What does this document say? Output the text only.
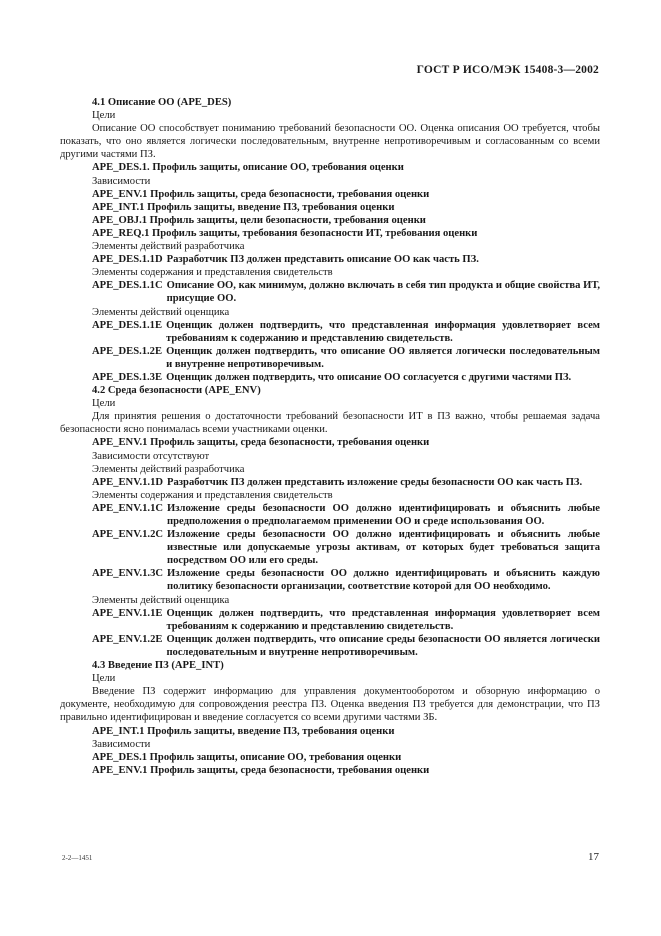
ГОСТ Р ИСО/МЭК 15408-3—2002

4.1 Описание ОО (APE_DES)

Цели

Описание ОО способствует пониманию требований безопасности ОО. Оценка описания ОО требуется, чтобы показать, что оно является логически последовательным, внутренне непротиворечивым и согласованным со всеми другими частями ПЗ.

APE_DES.1. Профиль защиты, описание ОО, требования оценки

Зависимости

APE_ENV.1 Профиль защиты, среда безопасности, требования оценки

APE_INT.1 Профиль защиты, введение ПЗ, требования оценки

APE_OBJ.1 Профиль защиты, цели безопасности, требования оценки

APE_REQ.1 Профиль защиты, требования безопасности ИТ, требования оценки

Элементы действий разработчика

APE_DES.1.1D Разработчик ПЗ должен представить описание ОО как часть ПЗ.

Элементы содержания и представления свидетельств

APE_DES.1.1C Описание ОО, как минимум, должно включать в себя тип продукта и общие свойства ИТ, присущие ОО.

Элементы действий оценщика

APE_DES.1.1E Оценщик должен подтвердить, что представленная информация удовлетворяет всем требованиям к содержанию и представлению свидетельств.
APE_DES.1.2E Оценщик должен подтвердить, что описание ОО является логически последовательным и внутренне непротиворечивым.
APE_DES.1.3E Оценщик должен подтвердить, что описание ОО согласуется с другими частями ПЗ.

4.2 Среда безопасности (APE_ENV)

Цели

Для принятия решения о достаточности требований безопасности ИТ в ПЗ важно, чтобы решаемая задача безопасности ясно понималась всеми участниками оценки.

APE_ENV.1 Профиль защиты, среда безопасности, требования оценки

Зависимости отсутствуют

Элементы действий разработчика

APE_ENV.1.1D Разработчик ПЗ должен представить изложение среды безопасности ОО как часть ПЗ.

Элементы содержания и представления свидетельств

APE_ENV.1.1C Изложение среды безопасности ОО должно идентифицировать и объяснить любые предположения о предполагаемом применении ОО и среде использования ОО.
APE_ENV.1.2C Изложение среды безопасности ОО должно идентифицировать и объяснить любые известные или допускаемые угрозы активам, от которых будет требоваться защита посредством ОО или его среды.
APE_ENV.1.3C Изложение среды безопасности ОО должно идентифицировать и объяснить каждую политику безопасности организации, соответствие которой для ОО необходимо.

Элементы действий оценщика

APE_ENV.1.1E Оценщик должен подтвердить, что представленная информация удовлетворяет всем требованиям к содержанию и представлению свидетельств.
APE_ENV.1.2E Оценщик должен подтвердить, что описание среды безопасности ОО является логически последовательным и внутренне непротиворечивым.

4.3 Введение ПЗ (APE_INT)

Цели

Введение ПЗ содержит информацию для управления документооборотом и обзорную информацию о документе, необходимую для сопровождения реестра ПЗ. Оценка введения ПЗ требуется для демонстрации, что ПЗ правильно идентифицирован и введение согласуется со всеми другими частями ЗБ.

APE_INT.1 Профиль защиты, введение ПЗ, требования оценки

Зависимости

APE_DES.1 Профиль защиты, описание ОО, требования оценки

APE_ENV.1 Профиль защиты, среда безопасности, требования оценки

2-2—1451	17
